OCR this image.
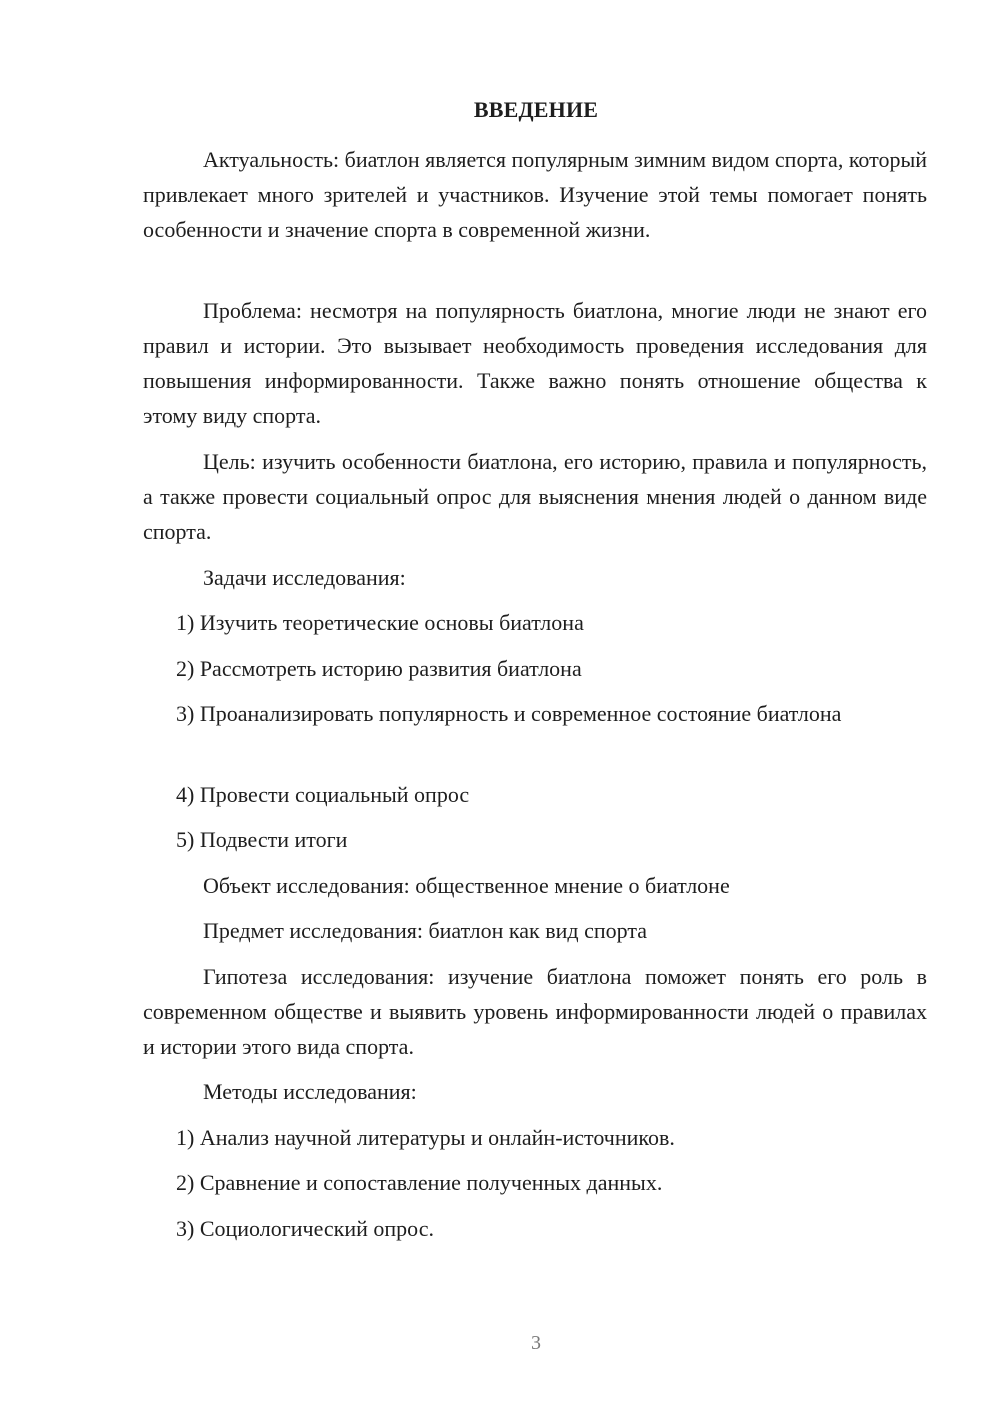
ВВЕДЕНИЕ

Актуальность: биатлон является популярным зимним видом спорта, который привлекает много зрителей и участников. Изучение этой темы помогает понять особенности и значение спорта в современной жизни.

Проблема: несмотря на популярность биатлона, многие люди не знают его правил и истории. Это вызывает необходимость проведения исследования для повышения информированности. Также важно понять отношение общества к этому виду спорта.

Цель: изучить особенности биатлона, его историю, правила и популярность, а также провести социальный опрос для выяснения мнения людей о данном виде спорта.

Задачи исследования:

1) Изучить теоретические основы биатлона

2) Рассмотреть историю развития биатлона

3) Проанализировать популярность и современное состояние биатлона

4) Провести социальный опрос

5) Подвести итоги

Объект исследования: общественное мнение о биатлоне

Предмет исследования: биатлон как вид спорта

Гипотеза исследования: изучение биатлона поможет понять его роль в современном обществе и выявить уровень информированности людей о правилах и истории этого вида спорта.

Методы исследования:

1) Анализ научной литературы и онлайн-источников.

2) Сравнение и сопоставление полученных данных.

3) Социологический опрос.

3
